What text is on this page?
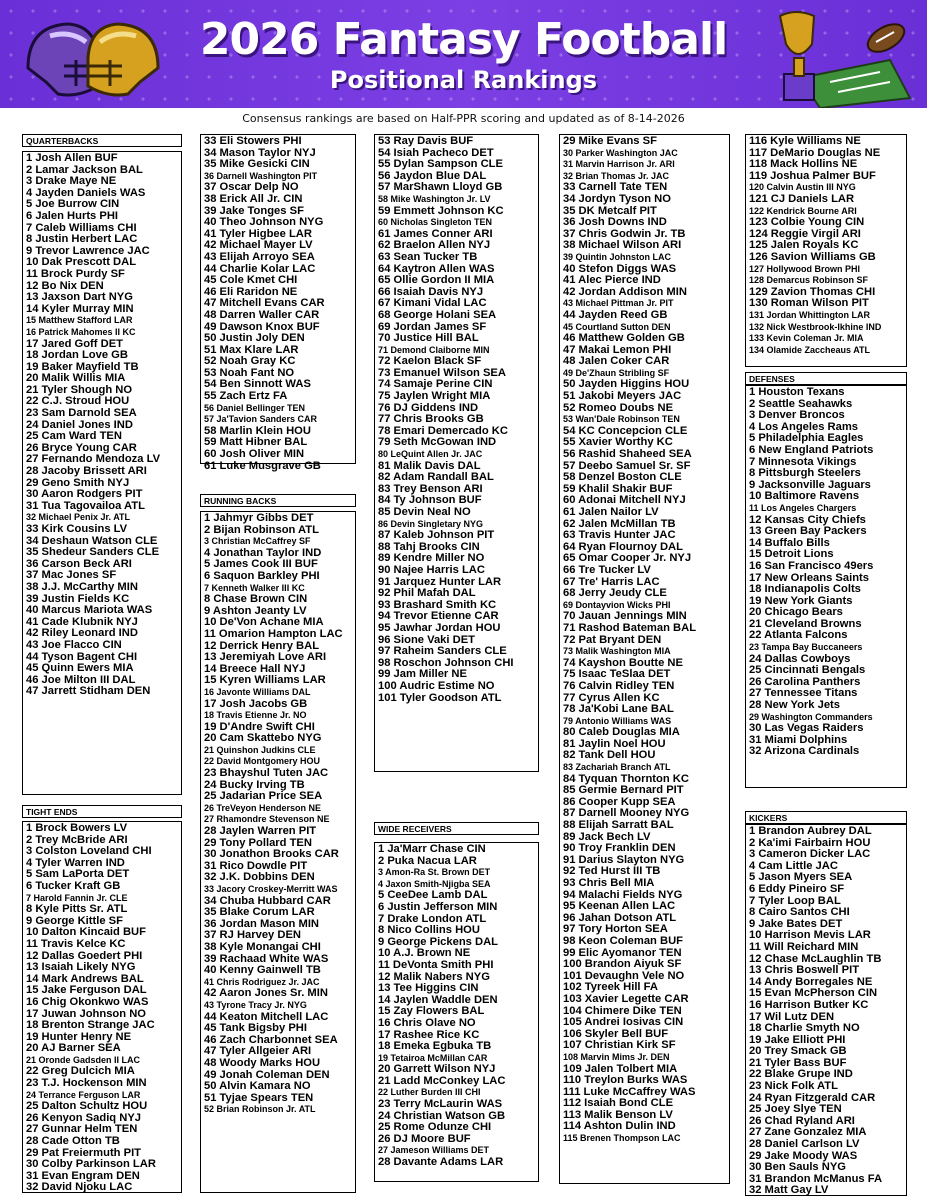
2026 Fantasy Football
Positional Rankings
Consensus rankings are based on Half-PPR scoring and updated as of 8-14-2026
QUARTERBACKS
1 Josh Allen BUF
2 Lamar Jackson BAL
3 Drake Maye NE
4 Jayden Daniels WAS
5 Joe Burrow CIN
6 Jalen Hurts PHI
7 Caleb Williams CHI
8 Justin Herbert LAC
9 Trevor Lawrence JAC
10 Dak Prescott DAL
11 Brock Purdy SF
12 Bo Nix DEN
13 Jaxson Dart NYG
14 Kyler Murray MIN
15 Matthew Stafford LAR
16 Patrick Mahomes II KC
17 Jared Goff DET
18 Jordan Love GB
19 Baker Mayfield TB
20 Malik Willis MIA
21 Tyler Shough NO
22 C.J. Stroud HOU
23 Sam Darnold SEA
24 Daniel Jones IND
25 Cam Ward TEN
26 Bryce Young CAR
27 Fernando Mendoza LV
28 Jacoby Brissett ARI
29 Geno Smith NYJ
30 Aaron Rodgers PIT
31 Tua Tagovailoa ATL
32 Michael Penix Jr. ATL
33 Kirk Cousins LV
34 Deshaun Watson CLE
35 Shedeur Sanders CLE
36 Carson Beck ARI
37 Mac Jones SF
38 J.J. McCarthy MIN
39 Justin Fields KC
40 Marcus Mariota WAS
41 Cade Klubnik NYJ
42 Riley Leonard IND
43 Joe Flacco CIN
44 Tyson Bagent CHI
45 Quinn Ewers MIA
46 Joe Milton III DAL
47 Jarrett Stidham DEN
TIGHT ENDS
1 Brock Bowers LV
2 Trey McBride ARI
3 Colston Loveland CHI
4 Tyler Warren IND
5 Sam LaPorta DET
6 Tucker Kraft GB
7 Harold Fannin Jr. CLE
8 Kyle Pitts Sr. ATL
9 George Kittle SF
10 Dalton Kincaid BUF
11 Travis Kelce KC
12 Dallas Goedert PHI
13 Isaiah Likely NYG
14 Mark Andrews BAL
15 Jake Ferguson DAL
16 Chig Okonkwo WAS
17 Juwan Johnson NO
18 Brenton Strange JAC
19 Hunter Henry NE
20 AJ Barner SEA
21 Oronde Gadsden II LAC
22 Greg Dulcich MIA
23 T.J. Hockenson MIN
24 Terrance Ferguson LAR
25 Dalton Schultz HOU
26 Kenyon Sadiq NYJ
27 Gunnar Helm TEN
28 Cade Otton TB
29 Pat Freiermuth PIT
30 Colby Parkinson LAR
31 Evan Engram DEN
32 David Njoku LAC
33 Eli Stowers PHI
34 Mason Taylor NYJ
35 Mike Gesicki CIN
36 Darnell Washington PIT
37 Oscar Delp NO
38 Erick All Jr. CIN
39 Jake Tonges SF
40 Theo Johnson NYG
41 Tyler Higbee LAR
42 Michael Mayer LV
43 Elijah Arroyo SEA
44 Charlie Kolar LAC
45 Cole Kmet CHI
46 Eli Raridon NE
47 Mitchell Evans CAR
48 Darren Waller CAR
49 Dawson Knox BUF
50 Justin Joly DEN
51 Max Klare LAR
52 Noah Gray KC
53 Noah Fant NO
54 Ben Sinnott WAS
55 Zach Ertz FA
56 Daniel Bellinger TEN
57 Ja'Tavion Sanders CAR
58 Marlin Klein HOU
59 Matt Hibner BAL
60 Josh Oliver MIN
61 Luke Musgrave GB
RUNNING BACKS
1 Jahmyr Gibbs DET
2 Bijan Robinson ATL
3 Christian McCaffrey SF
4 Jonathan Taylor IND
5 James Cook III BUF
6 Saquon Barkley PHI
7 Kenneth Walker III KC
8 Chase Brown CIN
9 Ashton Jeanty LV
10 De'Von Achane MIA
11 Omarion Hampton LAC
12 Derrick Henry BAL
13 Jeremiyah Love ARI
14 Breece Hall NYJ
15 Kyren Williams LAR
16 Javonte Williams DAL
17 Josh Jacobs GB
18 Travis Etienne Jr. NO
19 D'Andre Swift CHI
20 Cam Skattebo NYG
21 Quinshon Judkins CLE
22 David Montgomery HOU
23 Bhayshul Tuten JAC
24 Bucky Irving TB
25 Jadarian Price SEA
26 TreVeyon Henderson NE
27 Rhamondre Stevenson NE
28 Jaylen Warren PIT
29 Tony Pollard TEN
30 Jonathon Brooks CAR
31 Rico Dowdle PIT
32 J.K. Dobbins DEN
33 Jacory Croskey-Merritt WAS
34 Chuba Hubbard CAR
35 Blake Corum LAR
36 Jordan Mason MIN
37 RJ Harvey DEN
38 Kyle Monangai CHI
39 Rachaad White WAS
40 Kenny Gainwell TB
41 Chris Rodriguez Jr. JAC
42 Aaron Jones Sr. MIN
43 Tyrone Tracy Jr. NYG
44 Keaton Mitchell LAC
45 Tank Bigsby PHI
46 Zach Charbonnet SEA
47 Tyler Allgeier ARI
48 Woody Marks HOU
49 Jonah Coleman DEN
50 Alvin Kamara NO
51 Tyjae Spears TEN
52 Brian Robinson Jr. ATL
53 Ray Davis BUF
54 Isiah Pacheco DET
55 Dylan Sampson CLE
56 Jaydon Blue DAL
57 MarShawn Lloyd GB
58 Mike Washington Jr. LV
59 Emmett Johnson KC
60 Nicholas Singleton TEN
61 James Conner ARI
62 Braelon Allen NYJ
63 Sean Tucker TB
64 Kaytron Allen WAS
65 Ollie Gordon II MIA
66 Isaiah Davis NYJ
67 Kimani Vidal LAC
68 George Holani SEA
69 Jordan James SF
70 Justice Hill BAL
71 Demond Claiborne MIN
72 Kaelon Black SF
73 Emanuel Wilson SEA
74 Samaje Perine CIN
75 Jaylen Wright MIA
76 DJ Giddens IND
77 Chris Brooks GB
78 Emari Demercado KC
79 Seth McGowan IND
80 LeQuint Allen Jr. JAC
81 Malik Davis DAL
82 Adam Randall BAL
83 Trey Benson ARI
84 Ty Johnson BUF
85 Devin Neal NO
86 Devin Singletary NYG
87 Kaleb Johnson PIT
88 Tahj Brooks CIN
89 Kendre Miller NO
90 Najee Harris LAC
91 Jarquez Hunter LAR
92 Phil Mafah DAL
93 Brashard Smith KC
94 Trevor Etienne CAR
95 Jawhar Jordan HOU
96 Sione Vaki DET
97 Raheim Sanders CLE
98 Roschon Johnson CHI
99 Jam Miller NE
100 Audric Estime NO
101 Tyler Goodson ATL
WIDE RECEIVERS
1 Ja'Marr Chase CIN
2 Puka Nacua LAR
3 Amon-Ra St. Brown DET
4 Jaxon Smith-Njigba SEA
5 CeeDee Lamb DAL
6 Justin Jefferson MIN
7 Drake London ATL
8 Nico Collins HOU
9 George Pickens DAL
10 A.J. Brown NE
11 DeVonta Smith PHI
12 Malik Nabers NYG
13 Tee Higgins CIN
14 Jaylen Waddle DEN
15 Zay Flowers BAL
16 Chris Olave NO
17 Rashee Rice KC
18 Emeka Egbuka TB
19 Tetairoa McMillan CAR
20 Garrett Wilson NYJ
21 Ladd McConkey LAC
22 Luther Burden III CHI
23 Terry McLaurin WAS
24 Christian Watson GB
25 Rome Odunze CHI
26 DJ Moore BUF
27 Jameson Williams DET
28 Davante Adams LAR
29 Mike Evans SF
30 Parker Washington JAC
31 Marvin Harrison Jr. ARI
32 Brian Thomas Jr. JAC
33 Carnell Tate TEN
34 Jordyn Tyson NO
35 DK Metcalf PIT
36 Josh Downs IND
37 Chris Godwin Jr. TB
38 Michael Wilson ARI
39 Quintin Johnston LAC
40 Stefon Diggs WAS
41 Alec Pierce IND
42 Jordan Addison MIN
43 Michael Pittman Jr. PIT
44 Jayden Reed GB
45 Courtland Sutton DEN
46 Matthew Golden GB
47 Makai Lemon PHI
48 Jalen Coker CAR
49 De'Zhaun Stribling SF
50 Jayden Higgins HOU
51 Jakobi Meyers JAC
52 Romeo Doubs NE
53 Wan'Dale Robinson TEN
54 KC Concepcion CLE
55 Xavier Worthy KC
56 Rashid Shaheed SEA
57 Deebo Samuel Sr. SF
58 Denzel Boston CLE
59 Khalil Shakir BUF
60 Adonai Mitchell NYJ
61 Jalen Nailor LV
62 Jalen McMillan TB
63 Travis Hunter JAC
64 Ryan Flournoy DAL
65 Omar Cooper Jr. NYJ
66 Tre Tucker LV
67 Tre' Harris LAC
68 Jerry Jeudy CLE
69 Dontayvion Wicks PHI
70 Jauan Jennings MIN
71 Rashod Bateman BAL
72 Pat Bryant DEN
73 Malik Washington MIA
74 Kayshon Boutte NE
75 Isaac TeSlaa DET
76 Calvin Ridley TEN
77 Cyrus Allen KC
78 Ja'Kobi Lane BAL
79 Antonio Williams WAS
80 Caleb Douglas MIA
81 Jaylin Noel HOU
82 Tank Dell HOU
83 Zachariah Branch ATL
84 Tyquan Thornton KC
85 Germie Bernard PIT
86 Cooper Kupp SEA
87 Darnell Mooney NYG
88 Elijah Sarratt BAL
89 Jack Bech LV
90 Troy Franklin DEN
91 Darius Slayton NYG
92 Ted Hurst III TB
93 Chris Bell MIA
94 Malachi Fields NYG
95 Keenan Allen LAC
96 Jahan Dotson ATL
97 Tory Horton SEA
98 Keon Coleman BUF
99 Elic Ayomanor TEN
100 Brandon Aiyuk SF
101 Devaughn Vele NO
102 Tyreek Hill FA
103 Xavier Legette CAR
104 Chimere Dike TEN
105 Andrei Iosivas CIN
106 Skyler Bell BUF
107 Christian Kirk SF
108 Marvin Mims Jr. DEN
109 Jalen Tolbert MIA
110 Treylon Burks WAS
111 Luke McCaffrey WAS
112 Isaiah Bond CLE
113 Malik Benson LV
114 Ashton Dulin IND
115 Brenen Thompson LAC
116 Kyle Williams NE
117 DeMario Douglas NE
118 Mack Hollins NE
119 Joshua Palmer BUF
120 Calvin Austin III NYG
121 CJ Daniels LAR
122 Kendrick Bourne ARI
123 Colbie Young CIN
124 Reggie Virgil ARI
125 Jalen Royals KC
126 Savion Williams GB
127 Hollywood Brown PHI
128 Demarcus Robinson SF
129 Zavion Thomas CHI
130 Roman Wilson PIT
131 Jordan Whittington LAR
132 Nick Westbrook-Ikhine IND
133 Kevin Coleman Jr. MIA
134 Olamide Zaccheaus ATL
DEFENSES
1 Houston Texans
2 Seattle Seahawks
3 Denver Broncos
4 Los Angeles Rams
5 Philadelphia Eagles
6 New England Patriots
7 Minnesota Vikings
8 Pittsburgh Steelers
9 Jacksonville Jaguars
10 Baltimore Ravens
11 Los Angeles Chargers
12 Kansas City Chiefs
13 Green Bay Packers
14 Buffalo Bills
15 Detroit Lions
16 San Francisco 49ers
17 New Orleans Saints
18 Indianapolis Colts
19 New York Giants
20 Chicago Bears
21 Cleveland Browns
22 Atlanta Falcons
23 Tampa Bay Buccaneers
24 Dallas Cowboys
25 Cincinnati Bengals
26 Carolina Panthers
27 Tennessee Titans
28 New York Jets
29 Washington Commanders
30 Las Vegas Raiders
31 Miami Dolphins
32 Arizona Cardinals
KICKERS
1 Brandon Aubrey DAL
2 Ka'imi Fairbairn HOU
3 Cameron Dicker LAC
4 Cam Little JAC
5 Jason Myers SEA
6 Eddy Pineiro SF
7 Tyler Loop BAL
8 Cairo Santos CHI
9 Jake Bates DET
10 Harrison Mevis LAR
11 Will Reichard MIN
12 Chase McLaughlin TB
13 Chris Boswell PIT
14 Andy Borregales NE
15 Evan McPherson CIN
16 Harrison Butker KC
17 Wil Lutz DEN
18 Charlie Smyth NO
19 Jake Elliott PHI
20 Trey Smack GB
21 Tyler Bass BUF
22 Blake Grupe IND
23 Nick Folk ATL
24 Ryan Fitzgerald CAR
25 Joey Slye TEN
26 Chad Ryland ARI
27 Zane Gonzalez MIA
28 Daniel Carlson LV
29 Jake Moody WAS
30 Ben Sauls NYG
31 Brandon McManus FA
32 Matt Gay LV
